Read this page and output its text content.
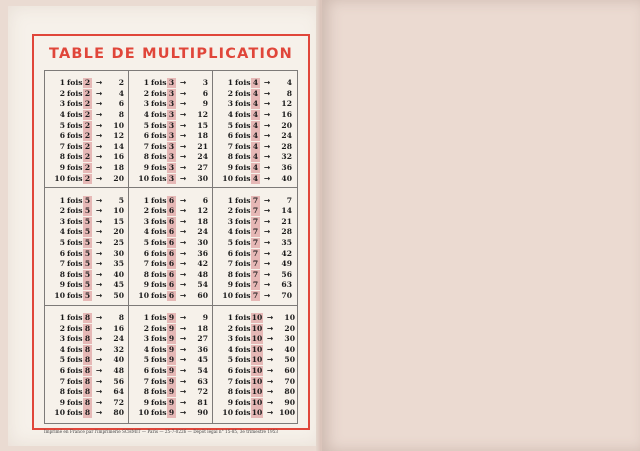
TABLE DE MULTIPLICATION
1 fois 2 →	2
2 fois 2 →	4
3 fois 2 →	6
4 fois 2 →	8
5 fois 2 →	10
6 fois 2 →	12
7 fois 2 →	14
8 fois 2 →	16
9 fois 2 →	18
10 fois 2 →	20
1 fois 3 →	3
2 fois 3 →	6
3 fois 3 →	9
4 fois 3 →	12
5 fois 3 →	15
6 fois 3 →	18
7 fois 3 →	21
8 fois 3 →	24
9 fois 3 →	27
10 fois 3 →	30
1 fois 4 →	4
2 fois 4 →	8
3 fois 4 →	12
4 fois 4 →	16
5 fois 4 →	20
6 fois 4 →	24
7 fois 4 →	28
8 fois 4 →	32
9 fois 4 →	36
10 fois 4 →	40
1 fois 5 →	5
2 fois 5 →	10
3 fois 5 →	15
4 fois 5 →	20
5 fois 5 →	25
6 fois 5 →	30
7 fois 5 →	35
8 fois 5 →	40
9 fois 5 →	45
10 fois 5 →	50
1 fois 6 →	6
2 fois 6 →	12
3 fois 6 →	18
4 fois 6 →	24
5 fois 6 →	30
6 fois 6 →	36
7 fois 6 →	42
8 fois 6 →	48
9 fois 6 →	54
10 fois 6 →	60
1 fois 7 →	7
2 fois 7 →	14
3 fois 7 →	21
4 fois 7 →	28
5 fois 7 →	35
6 fois 7 →	42
7 fois 7 →	49
8 fois 7 →	56
9 fois 7 →	63
10 fois 7 →	70
1 fois 8 →	8
2 fois 8 →	16
3 fois 8 →	24
4 fois 8 →	32
5 fois 8 →	40
6 fois 8 →	48
7 fois 8 →	56
8 fois 8 →	64
9 fois 8 →	72
10 fois 8 →	80
1 fois 9 →	9
2 fois 9 →	18
3 fois 9 →	27
4 fois 9 →	36
5 fois 9 →	45
6 fois 9 →	54
7 fois 9 →	63
8 fois 9 →	72
9 fois 9 →	81
10 fois 9 →	90
1 fois 10 →	10
2 fois 10 →	20
3 fois 10 →	30
4 fois 10 →	40
5 fois 10 →	50
6 fois 10 →	60
7 fois 10 →	70
8 fois 10 →	80
9 fois 10 →	90
10 fois 10 → 100
Imprimé en France par l'imprimerie SCHMIT — Paris — 25-7-0226 — Dépôt légal n° 15-85, 3e trimestre 1953
